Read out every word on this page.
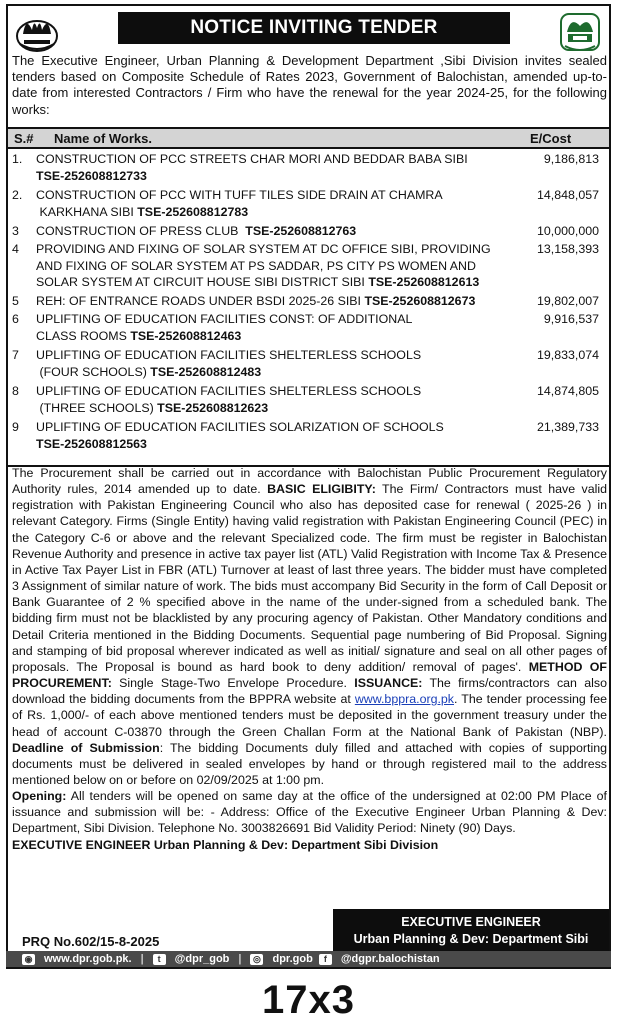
NOTICE INVITING TENDER
The Executive Engineer, Urban Planning & Development Department ,Sibi Division invites sealed tenders based on Composite Schedule of Rates 2023, Government of Balochistan, amended up-to-date from interested Contractors / Firm who have the renewal for the year 2024-25, for the following works:
S.# Name of Works.	E/Cost
1.	CONSTRUCTION OF PCC STREETS CHAR MORI AND BEDDAR BABA SIBI
TSE-252608812733
9,186,813
2.	CONSTRUCTION OF PCC WITH TUFF TILES SIDE DRAIN AT CHAMRA
KARKHANA SIBI TSE-252608812783
14,848,057
3	CONSTRUCTION OF PRESS CLUB  TSE-252608812763	10,000,000
4	PROVIDING AND FIXING OF SOLAR SYSTEM AT DC OFFICE SIBI, PROVIDING
AND FIXING OF SOLAR SYSTEM AT PS SADDAR, PS CITY PS WOMEN AND
SOLAR SYSTEM AT CIRCUIT HOUSE SIBI DISTRICT SIBI TSE-252608812613
13,158,393
5	REH: OF ENTRANCE ROADS UNDER BSDI 2025-26 SIBI TSE-252608812673	19,802,007
6	UPLIFTING OF EDUCATION FACILITIES CONST: OF ADDITIONAL
CLASS ROOMS TSE-252608812463
9,916,537
7	UPLIFTING OF EDUCATION FACILITIES SHELTERLESS SCHOOLS
(FOUR SCHOOLS) TSE-252608812483
19,833,074
8	UPLIFTING OF EDUCATION FACILITIES SHELTERLESS SCHOOLS
(THREE SCHOOLS) TSE-252608812623
14,874,805
9	UPLIFTING OF EDUCATION FACILITIES SOLARIZATION OF SCHOOLS
TSE-252608812563
21,389,733
The Procurement shall be carried out in accordance with Balochistan Public Procurement Regulatory Authority rules, 2014 amended up to date. BASIC ELIGIBITY: The Firm/ Contractors must have valid registration with Pakistan Engineering Council who also has deposited case for renewal ( 2025-26 ) in relevant Category. Firms (Single Entity) having valid registration with Pakistan Engineering Council (PEC) in the Category C-6 or above and the relevant Specialized code. The firm must be register in Balochistan Revenue Authority and presence in active tax payer list (ATL) Valid Registration with Income Tax & Presence in Active Tax Payer List in FBR (ATL) Turnover at least of last three years. The bidder must have completed 3 Assignment of similar nature of work. The bids must accompany Bid Security in the form of Call Deposit or Bank Guarantee of 2 % specified above in the name of the under-signed from a scheduled bank. The bidding firm must not be blacklisted by any procuring agency of Pakistan. Other Mandatory conditions and Detail Criteria mentioned in the Bidding Documents. Sequential page numbering of Bid Proposal. Signing and stamping of bid proposal wherever indicated as well as initial/ signature and seal on all other pages of proposals. The Proposal is bound as hard book to deny addition/ removal of pages'. METHOD OF PROCUREMENT: Single Stage-Two Envelope Procedure. ISSUANCE: The firms/contractors can also download the bidding documents from the BPPRA website at www.bppra.org.pk. The tender processing fee of Rs. 1,000/- of each above mentioned tenders must be deposited in the government treasury under the head of account C-03870 through the Green Challan Form at the National Bank of Pakistan (NBP). Deadline of Submission: The bidding Documents duly filled and attached with copies of supporting documents must be delivered in sealed envelopes by hand or through registered mail to the address mentioned below on or before on 02/09/2025 at 1:00 pm.
Opening: All tenders will be opened on same day at the office of the undersigned at 02:00 PM Place of issuance and submission will be: - Address: Office of the Executive Engineer Urban Planning & Dev: Department, Sibi Division. Telephone No. 3003826691 Bid Validity Period: Ninety (90) Days.
EXECUTIVE ENGINEER Urban Planning & Dev: Department Sibi Division
PRQ No.602/15-8-2025
EXECUTIVE ENGINEER
Urban Planning & Dev: Department Sibi
◉ www.dpr.gob.pk. |	t	@dpr_gob | ◎ dpr.gob	f	@dgpr.balochistan
17x3
